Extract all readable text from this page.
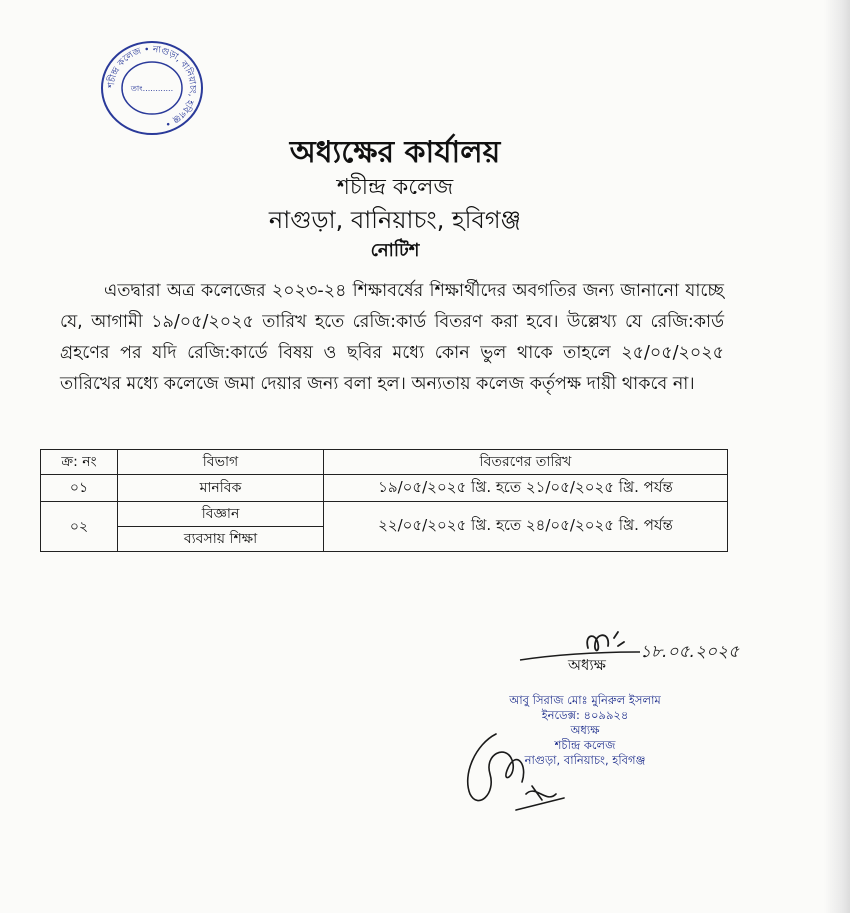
শচীন্দ্র কলেজ • নাগুড়া, বানিয়াচং, হবিগঞ্জ •
তাং............
অধ্যক্ষের কার্যালয়
শচীন্দ্র কলেজ
নাগুড়া, বানিয়াচং, হবিগঞ্জ
নোটিশ

এতদ্বারা অত্র কলেজের ২০২৩-২৪ শিক্ষাবর্ষের শিক্ষার্থীদের অবগতির জন্য জানানো যাচ্ছে যে, আগামী ১৯/০৫/২০২৫ তারিখ হতে রেজি:কার্ড বিতরণ করা হবে। উল্লেখ্য যে রেজি:কার্ড গ্রহণের পর যদি রেজি:কার্ডে বিষয় ও ছবির মধ্যে কোন ভুল থাকে তাহলে ২৫/০৫/২০২৫ তারিখের মধ্যে কলেজে জমা দেয়ার জন্য বলা হল। অন্যতায় কলেজ কর্তৃপক্ষ দায়ী থাকবে না।

ক্র: নং	বিভাগ	বিতরণের তারিখ
০১	মানবিক	১৯/০৫/২০২৫ খ্রি. হতে ২১/০৫/২০২৫ খ্রি. পর্যন্ত
০২	বিজ্ঞান	২২/০৫/২০২৫ খ্রি. হতে ২৪/০৫/২০২৫ খ্রি. পর্যন্ত
	ব্যবসায় শিক্ষা	
১৮.০৫.২০২৫
অধ্যক্ষ
আবু সিরাজ মোঃ মুনিরুল ইসলাম
ইনডেক্স: ৪০৯৯২৪
অধ্যক্ষ
শচীন্দ্র কলেজ
নাগুড়া, বানিয়াচং, হবিগঞ্জ
